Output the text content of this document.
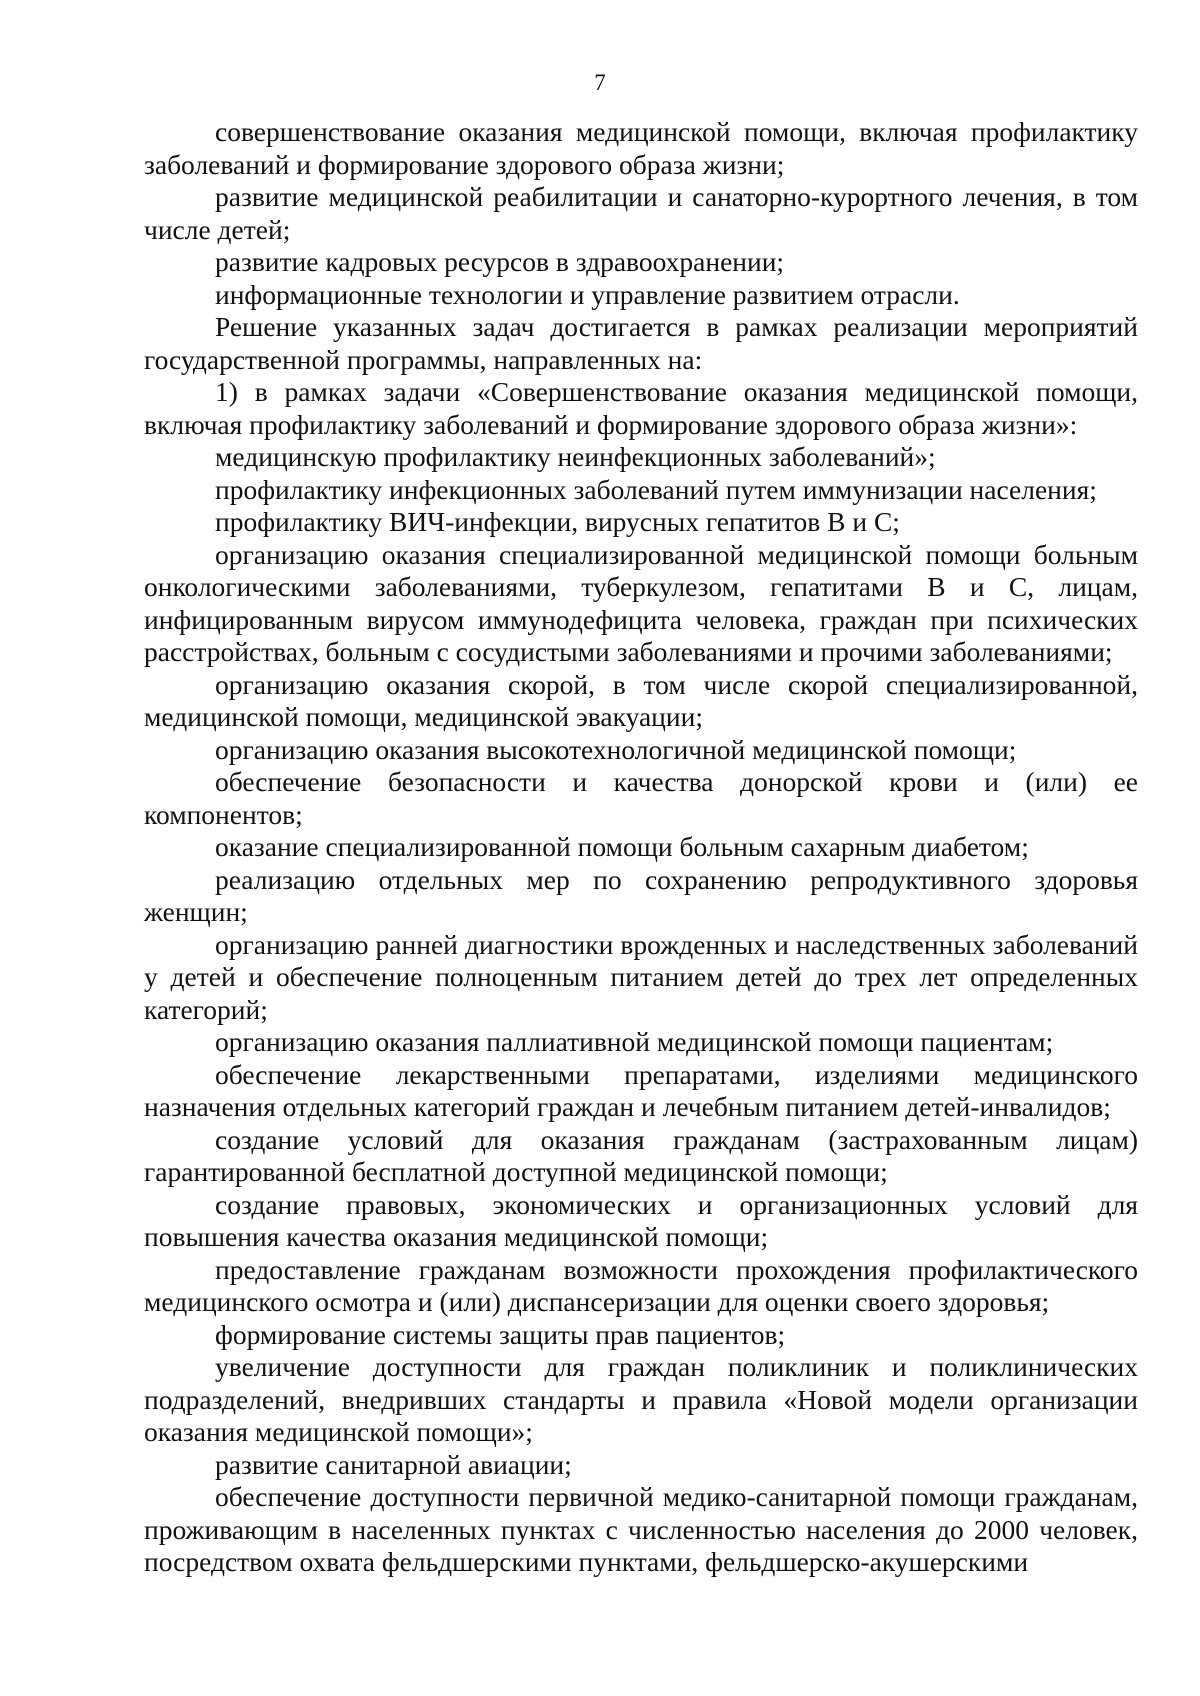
7

совершенствование оказания медицинской помощи, включая профилактику заболеваний и формирование здорового образа жизни;

развитие медицинской реабилитации и санаторно-курортного лечения, в том числе детей;

развитие кадровых ресурсов в здравоохранении;

информационные технологии и управление развитием отрасли.

Решение указанных задач достигается в рамках реализации мероприятий государственной программы, направленных на:

1) в рамках задачи «Совершенствование оказания медицинской помощи, включая профилактику заболеваний и формирование здорового образа жизни»:

медицинскую профилактику неинфекционных заболеваний»;

профилактику инфекционных заболеваний путем иммунизации населения;

профилактику ВИЧ-инфекции, вирусных гепатитов В и С;

организацию оказания специализированной медицинской помощи больным онкологическими заболеваниями, туберкулезом, гепатитами В и С, лицам, инфицированным вирусом иммунодефицита человека, граждан при психических расстройствах, больным с сосудистыми заболеваниями и прочими заболеваниями;

организацию оказания скорой, в том числе скорой специализированной, медицинской помощи, медицинской эвакуации;

организацию оказания высокотехнологичной медицинской помощи;

обеспечение безопасности и качества донорской крови и (или) ее компонентов;

оказание специализированной помощи больным сахарным диабетом;

реализацию отдельных мер по сохранению репродуктивного здоровья женщин;

организацию ранней диагностики врожденных и наследственных заболеваний у детей и обеспечение полноценным питанием детей до трех лет определенных категорий;

организацию оказания паллиативной медицинской помощи пациентам;

обеспечение лекарственными препаратами, изделиями медицинского назначения отдельных категорий граждан и лечебным питанием детей-инвалидов;

создание условий для оказания гражданам (застрахованным лицам) гарантированной бесплатной доступной медицинской помощи;

создание правовых, экономических и организационных условий для повышения качества оказания медицинской помощи;

предоставление гражданам возможности прохождения профилактического медицинского осмотра и (или) диспансеризации для оценки своего здоровья;

формирование системы защиты прав пациентов;

увеличение доступности для граждан поликлиник и поликлинических подразделений, внедривших стандарты и правила «Новой модели организации оказания медицинской помощи»;

развитие санитарной авиации;

обеспечение доступности первичной медико-санитарной помощи гражданам, проживающим в населенных пунктах с численностью населения до 2000 человек, посредством охвата фельдшерскими пунктами, фельдшерско-акушерскими
